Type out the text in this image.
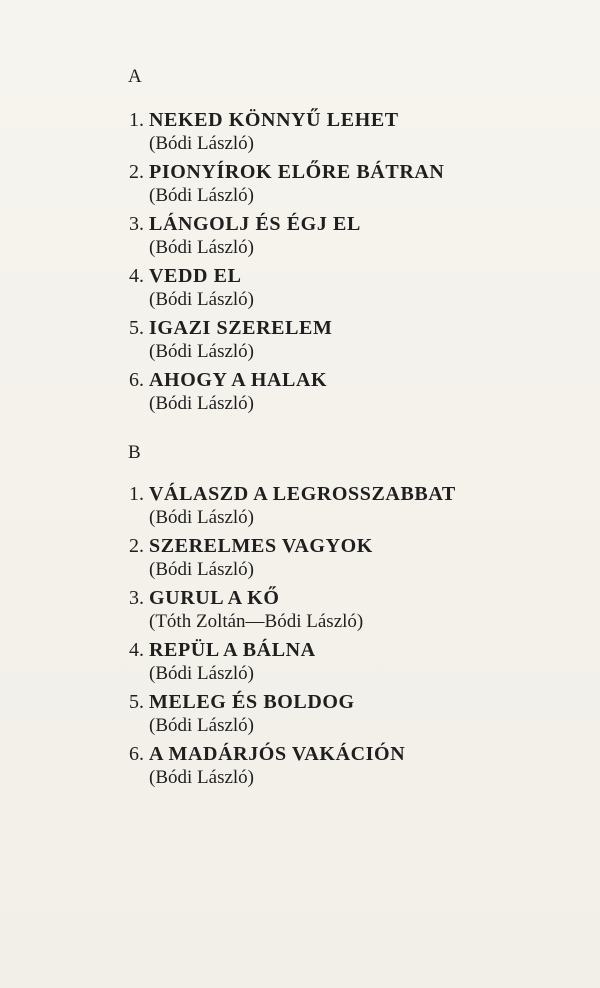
A
1. NEKED KÖNNYŰ LEHET
(Bódi László)
2. PIONYÍROK ELŐRE BÁTRAN
(Bódi László)
3. LÁNGOLJ ÉS ÉGJ EL
(Bódi László)
4. VEDD EL
(Bódi László)
5. IGAZI SZERELEM
(Bódi László)
6. AHOGY A HALAK
(Bódi László)
B
1. VÁLASZD A LEGROSSZABBAT
(Bódi László)
2. SZERELMES VAGYOK
(Bódi László)
3. GURUL A KŐ
(Tóth Zoltán—Bódi László)
4. REPÜL A BÁLNA
(Bódi László)
5. MELEG ÉS BOLDOG
(Bódi László)
6. A MADÁRJÓS VAKÁCIÓN
(Bódi László)
